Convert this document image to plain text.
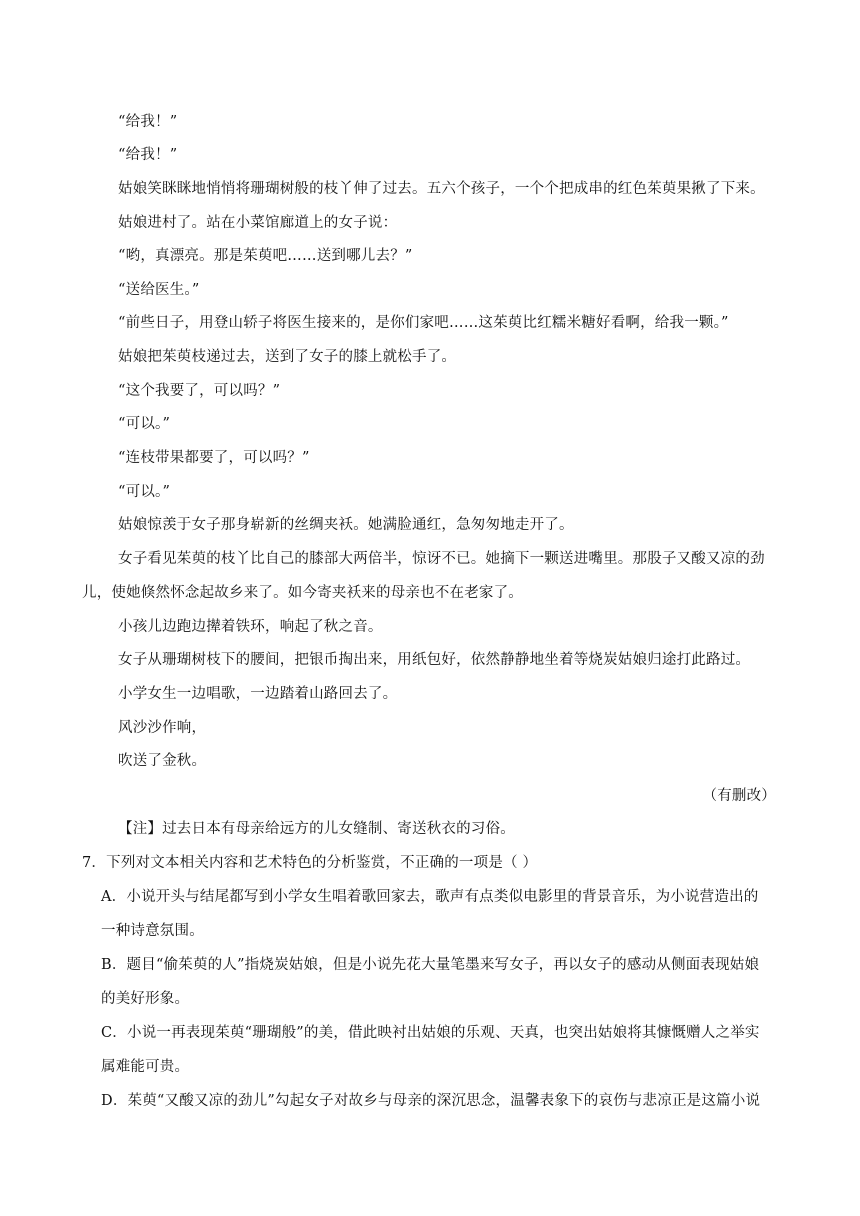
“给我！”
“给我！”
姑娘笑眯眯地悄悄将珊瑚树般的枝丫伸了过去。五六个孩子，一个个把成串的红色茱萸果揪了下来。
姑娘进村了。站在小菜馆廊道上的女子说：
“哟，真漂亮。那是茱萸吧……送到哪儿去？”
“送给医生。”
“前些日子，用登山轿子将医生接来的，是你们家吧……这茱萸比红糯米糖好看啊，给我一颗。”
姑娘把茱萸枝递过去，送到了女子的膝上就松手了。
“这个我要了，可以吗？”
“可以。”
“连枝带果都要了，可以吗？”
“可以。”
姑娘惊羡于女子那身崭新的丝绸夹袄。她满脸通红，急匆匆地走开了。
女子看见茱萸的枝丫比自己的膝部大两倍半，惊讶不已。她摘下一颗送进嘴里。那股子又酸又凉的劲
儿，使她倏然怀念起故乡来了。如今寄夹袄来的母亲也不在老家了。
小孩儿边跑边撵着铁环，响起了秋之音。
女子从珊瑚树枝下的腰间，把银币掏出来，用纸包好，依然静静地坐着等烧炭姑娘归途打此路过。
小学女生一边唱歌，一边踏着山路回去了。
风沙沙作响，
吹送了金秋。
（有删改）
【注】过去日本有母亲给远方的儿女缝制、寄送秋衣的习俗。
7．下列对文本相关内容和艺术特色的分析鉴赏，不正确的一项是（ ）
A．小说开头与结尾都写到小学女生唱着歌回家去，歌声有点类似电影里的背景音乐，为小说营造出的
一种诗意氛围。
B．题目“偷茱萸的人”指烧炭姑娘，但是小说先花大量笔墨来写女子，再以女子的感动从侧面表现姑娘
的美好形象。
C．小说一再表现茱萸“珊瑚般”的美，借此映衬出姑娘的乐观、天真，也突出姑娘将其慷慨赠人之举实
属难能可贵。
D．茱萸“又酸又凉的劲儿”勾起女子对故乡与母亲的深沉思念，温馨表象下的哀伤与悲凉正是这篇小说
